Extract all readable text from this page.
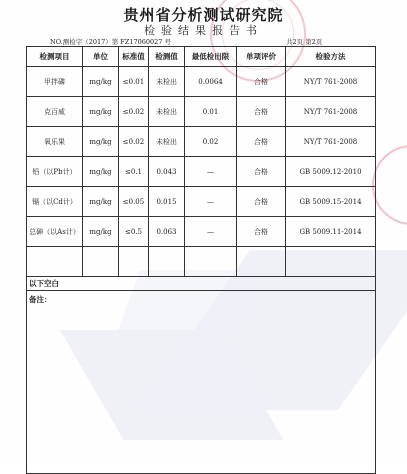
贵州省分析测试研究院
检验结果报告书
NO.测检字（2017）第 FZ17060027 号	共2页 第2页
检测项目	单位	标准值	检测值	最低检出限	单项评价	检验方法
甲拌磷	mg/kg	≤0.01	未检出	0.0064	合格	NY/T 761-2008
克百威	mg/kg	≤0.02	未检出	0.01	合格	NY/T 761-2008
氧乐果	mg/kg	≤0.02	未检出	0.02	合格	NY/T 761-2008
铅（以Pb计）	mg/kg	≤0.1	0.043	—	合格	GB 5009.12-2010
镉（以Cd计）	mg/kg	≤0.05	0.015	—	合格	GB 5009.15-2014
总砷（以As计）	mg/kg	≤0.5	0.063	—	合格	GB 5009.11-2014

以下空白						
备注：						
